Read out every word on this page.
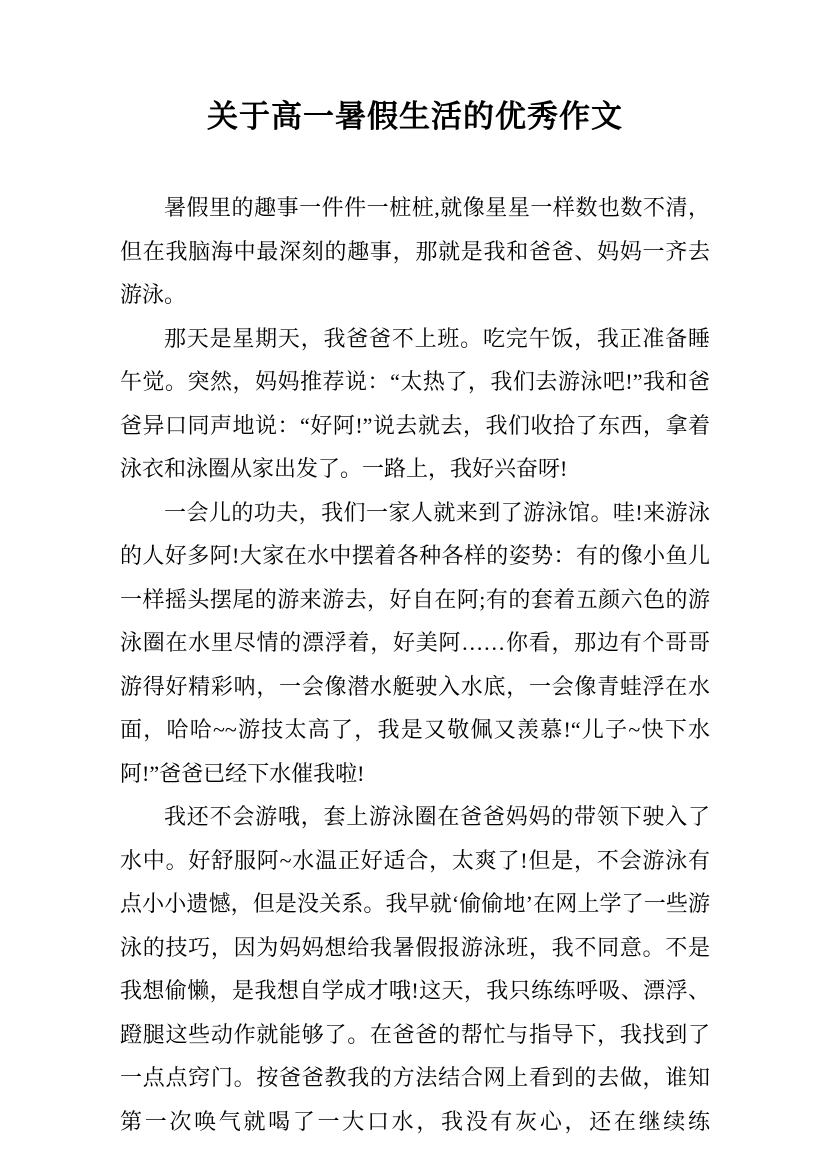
关于高一暑假生活的优秀作文

暑假里的趣事一件件一桩桩,就像星星一样数也数不清，但在我脑海中最深刻的趣事，那就是我和爸爸、妈妈一齐去游泳。

那天是星期天，我爸爸不上班。吃完午饭，我正准备睡午觉。突然，妈妈推荐说：“太热了，我们去游泳吧!”我和爸爸异口同声地说：“好阿!”说去就去，我们收拾了东西，拿着泳衣和泳圈从家出发了。一路上，我好兴奋呀!

一会儿的功夫，我们一家人就来到了游泳馆。哇!来游泳的人好多阿!大家在水中摆着各种各样的姿势：有的像小鱼儿一样摇头摆尾的游来游去，好自在阿;有的套着五颜六色的游泳圈在水里尽情的漂浮着，好美阿……你看，那边有个哥哥游得好精彩呐，一会像潜水艇驶入水底，一会像青蛙浮在水面，哈哈~~游技太高了，我是又敬佩又羡慕!“儿子~快下水阿!”爸爸已经下水催我啦!

我还不会游哦，套上游泳圈在爸爸妈妈的带领下驶入了水中。好舒服阿~水温正好适合，太爽了!但是，不会游泳有点小小遗憾，但是没关系。我早就‘偷偷地’在网上学了一些游泳的技巧，因为妈妈想给我暑假报游泳班，我不同意。不是我想偷懒，是我想自学成才哦!这天，我只练练呼吸、漂浮、蹬腿这些动作就能够了。在爸爸的帮忙与指导下，我找到了一点点窍门。按爸爸教我的方法结合网上看到的去做，谁知第一次唤气就喝了一大口水，我没有灰心，还在继续练
